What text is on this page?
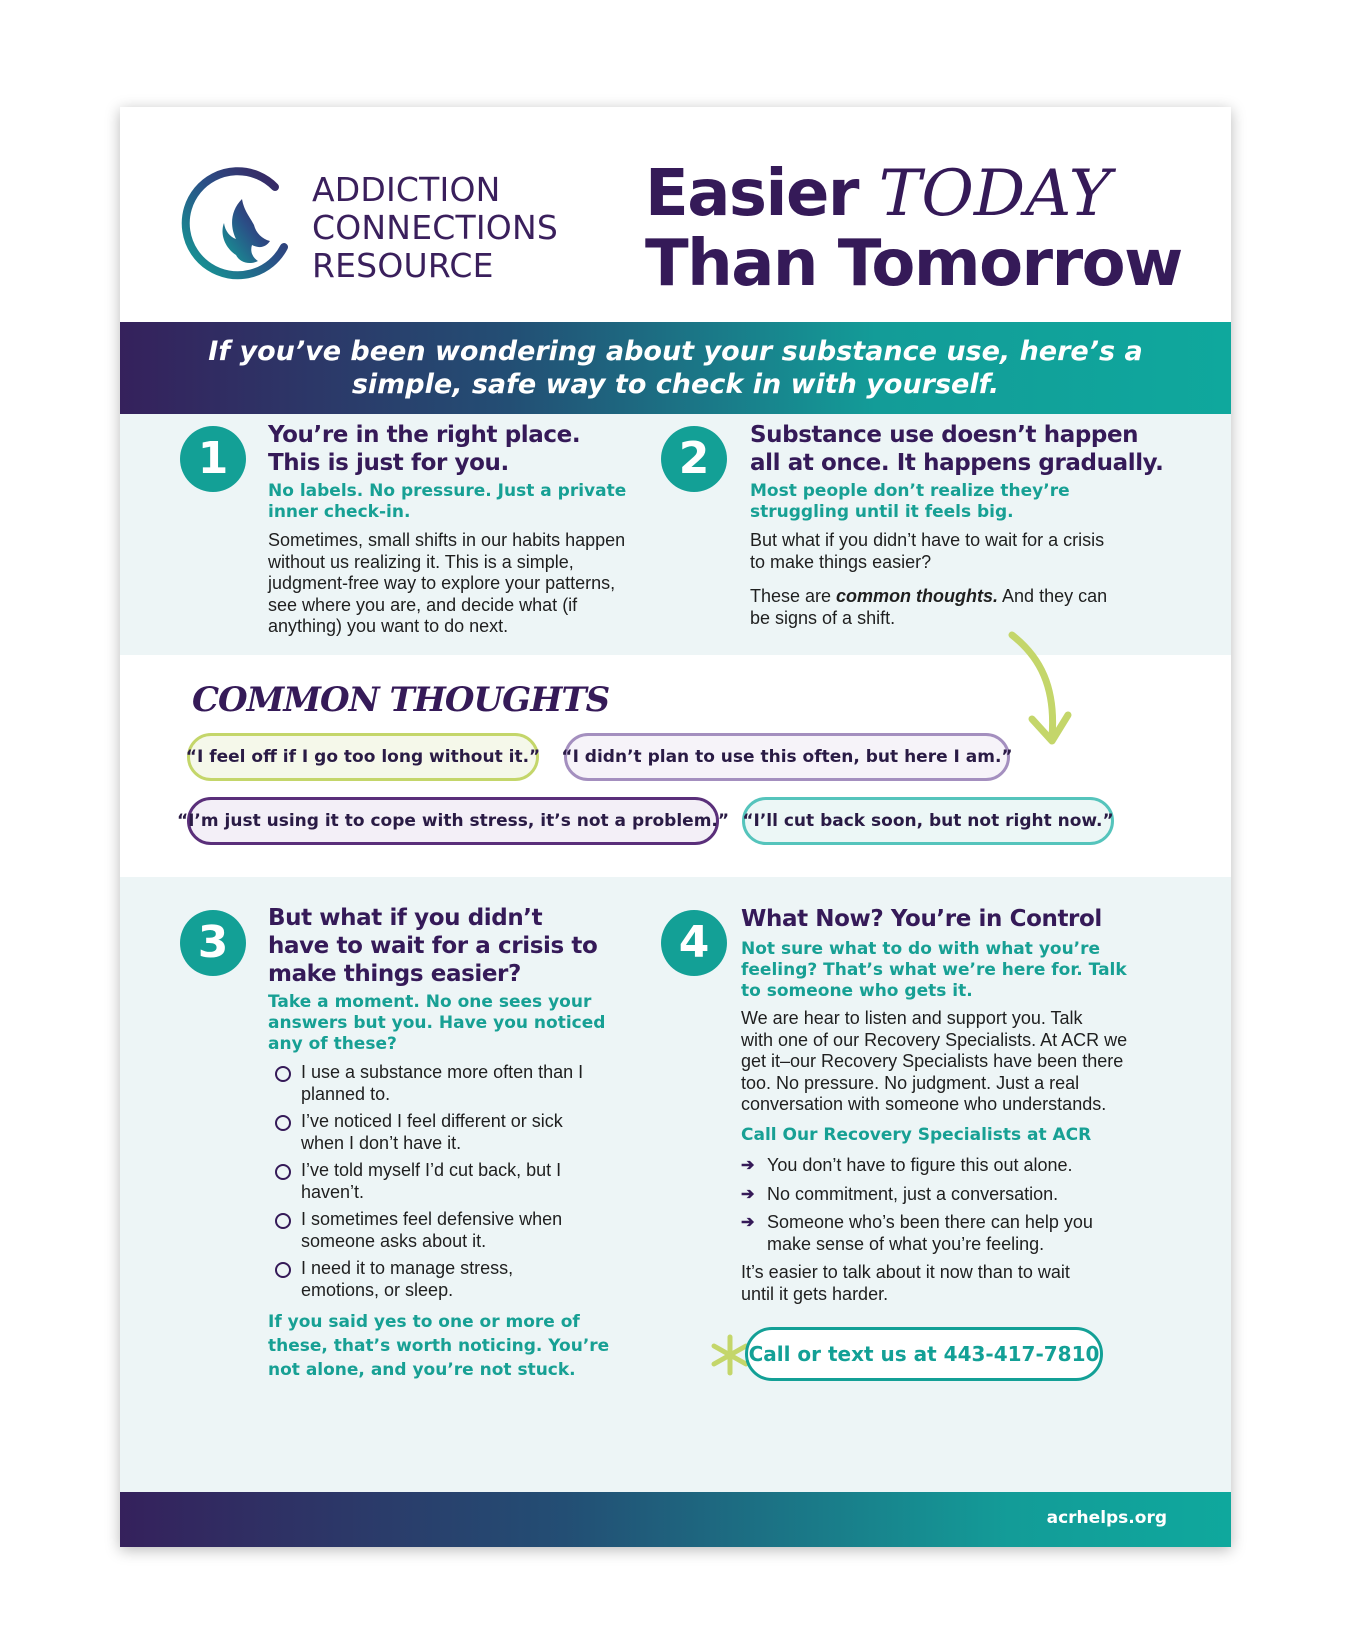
ADDICTION
CONNECTIONS
RESOURCE
Easier TODAY
Than Tomorrow
If you’ve been wondering about your substance use, here’s a
simple, safe way to check in with yourself.
1	You’re in the right place.
This is just for you.
No labels. No pressure. Just a private
inner check-in.
Sometimes, small shifts in our habits happen
without us realizing it. This is a simple,
judgment-free way to explore your patterns,
see where you are, and decide what (if
anything) you want to do next.
2	Substance use doesn’t happen
all at once. It happens gradually.
Most people don’t realize they’re
struggling until it feels big.
But what if you didn’t have to wait for a crisis
to make things easier?
These are common thoughts. And they can
be signs of a shift.
COMMON THOUGHTS
“I feel off if I go too long without it.” “I didn’t plan to use this often, but here I am.”
“I’m just using it to cope with stress, it’s not a problem.” “I’ll cut back soon, but not right now.”
3	But what if you didn’t
have to wait for a crisis to
make things easier?
Take a moment. No one sees your
answers but you. Have you noticed
any of these?
I use a substance more often than I
planned to.
I’ve noticed I feel different or sick
when I don’t have it.
I’ve told myself I’d cut back, but I
haven’t.
I sometimes feel defensive when
someone asks about it.
I need it to manage stress,
emotions, or sleep.
If you said yes to one or more of
these, that’s worth noticing. You’re
not alone, and you’re not stuck.
4	What Now? You’re in Control
Not sure what to do with what you’re
feeling? That’s what we’re here for. Talk
to someone who gets it.
We are hear to listen and support you. Talk
with one of our Recovery Specialists. At ACR we
get it–our Recovery Specialists have been there
too. No pressure. No judgment. Just a real
conversation with someone who understands.
Call Our Recovery Specialists at ACR
➔ You don’t have to figure this out alone.
➔ No commitment, just a conversation.
➔ Someone who’s been there can help you
make sense of what you’re feeling.
It’s easier to talk about it now than to wait
until it gets harder.
Call or text us at 443-417-7810
acrhelps.org
